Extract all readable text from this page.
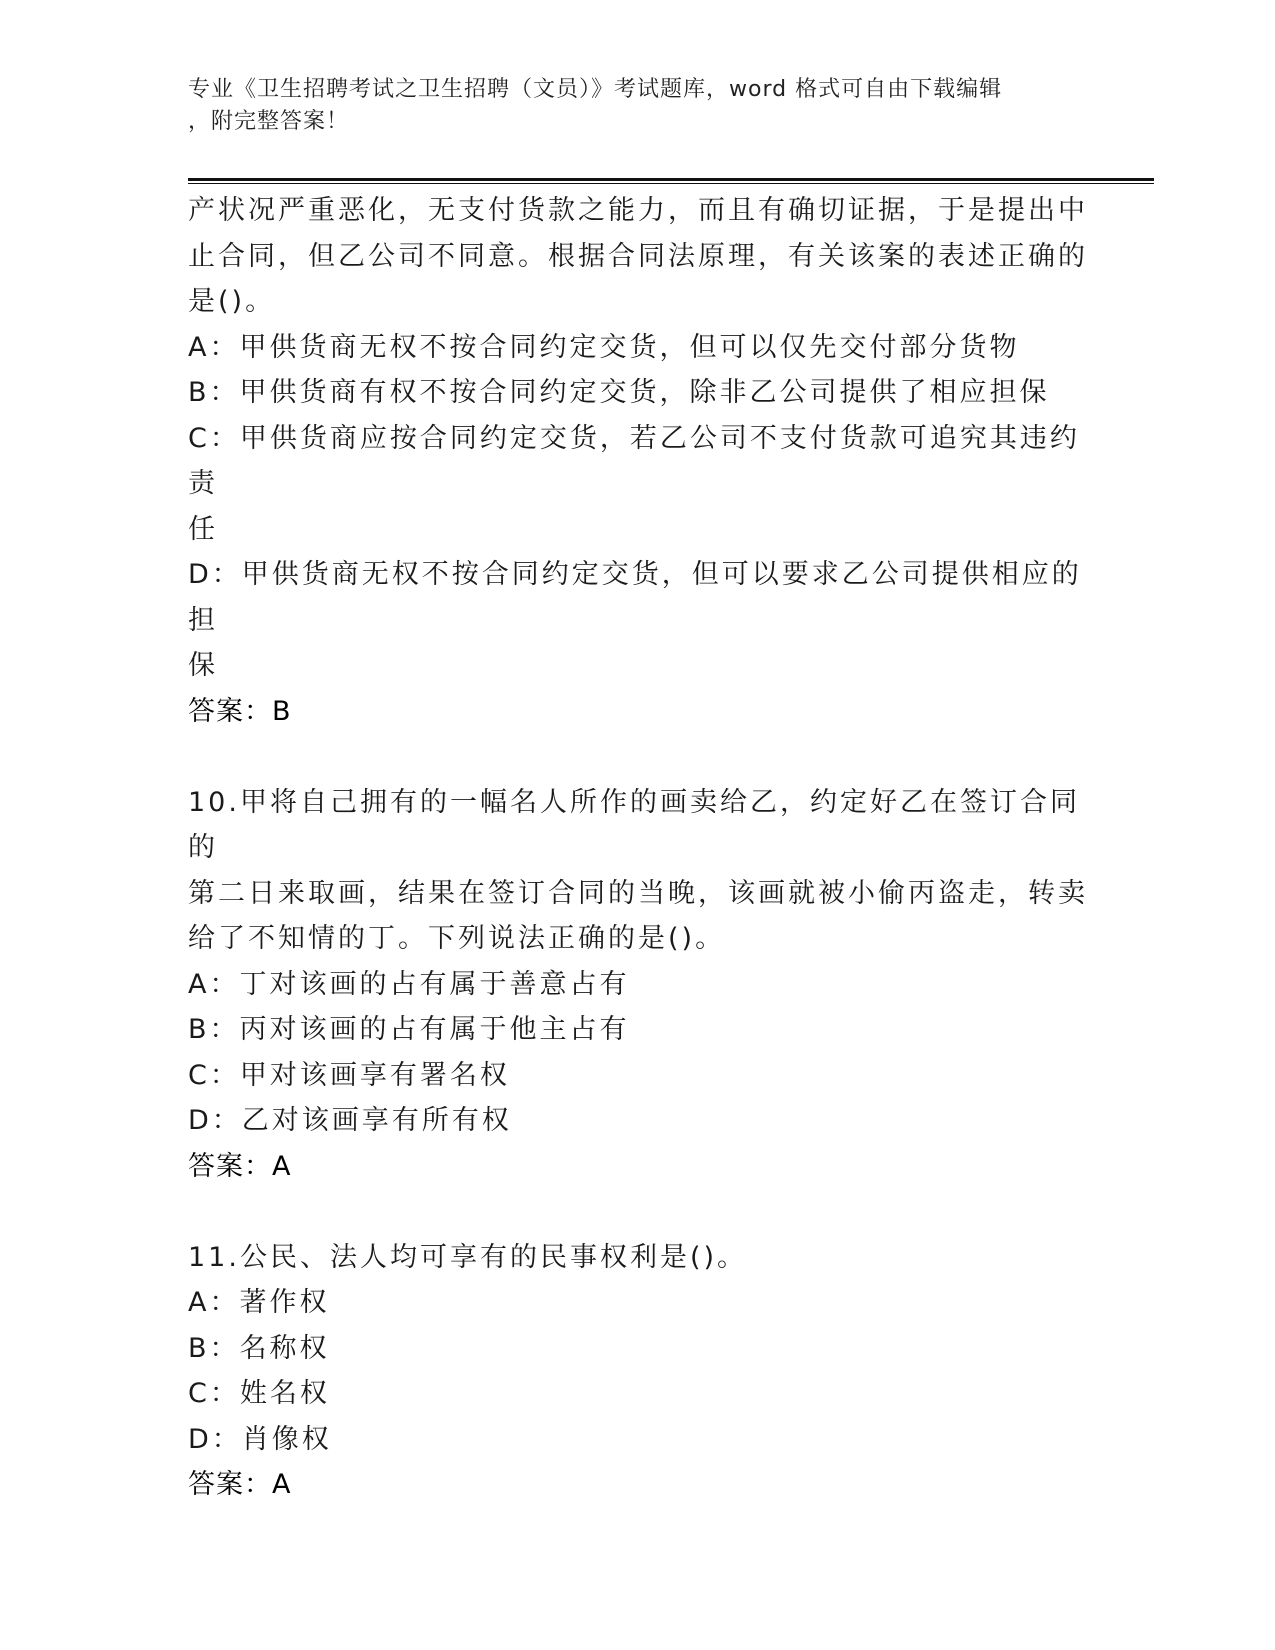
专业《卫生招聘考试之卫生招聘（文员）》考试题库，word 格式可自由下载编辑
，附完整答案！
产状况严重恶化，无支付货款之能力，而且有确切证据，于是提出中
止合同，但乙公司不同意。根据合同法原理，有关该案的表述正确的
是()。
A：甲供货商无权不按合同约定交货，但可以仅先交付部分货物
B：甲供货商有权不按合同约定交货，除非乙公司提供了相应担保
C：甲供货商应按合同约定交货，若乙公司不支付货款可追究其违约责
任
D：甲供货商无权不按合同约定交货，但可以要求乙公司提供相应的担
保
答案：B
10.甲将自己拥有的一幅名人所作的画卖给乙，约定好乙在签订合同的
第二日来取画，结果在签订合同的当晚，该画就被小偷丙盗走，转卖
给了不知情的丁。下列说法正确的是()。
A：丁对该画的占有属于善意占有
B：丙对该画的占有属于他主占有
C：甲对该画享有署名权
D：乙对该画享有所有权
答案：A
11.公民、法人均可享有的民事权利是()。
A：著作权
B：名称权
C：姓名权
D：肖像权
答案：A
